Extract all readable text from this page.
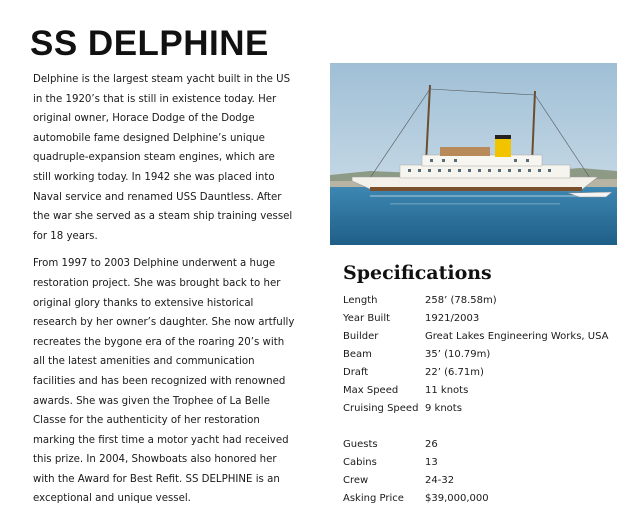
SS DELPHINE

Delphine is the largest steam yacht built in the US in the 1920’s that is still in existence today. Her original owner, Horace Dodge of the Dodge automobile fame designed Delphine’s unique quadruple-expansion steam engines, which are still working today. In 1942 she was placed into Naval service and renamed USS Dauntless. After the war she served as a steam ship training vessel for 18 years.

From 1997 to 2003 Delphine underwent a huge restoration project. She was brought back to her original glory thanks to extensive historical research by her owner’s daughter. She now artfully recreates the bygone era of the roaring 20’s with all the latest amenities and communication facilities and has been recognized with renowned awards. She was given the Trophee of La Belle Classe for the authenticity of her restoration marking the first time a motor yacht had received this prize. In 2004, Showboats also honored her with the Award for Best Refit. SS DELPHINE is an exceptional and unique vessel.

Specifications
Length	258’ (78.58m)
Year Built	1921/2003
Builder	Great Lakes Engineering Works, USA
Beam	35’ (10.79m)
Draft	22’ (6.71m)
Max Speed	11 knots
Cruising Speed 9 knots
Guests	26
Cabins	13
Crew	24-32
Asking Price	$39,000,000
